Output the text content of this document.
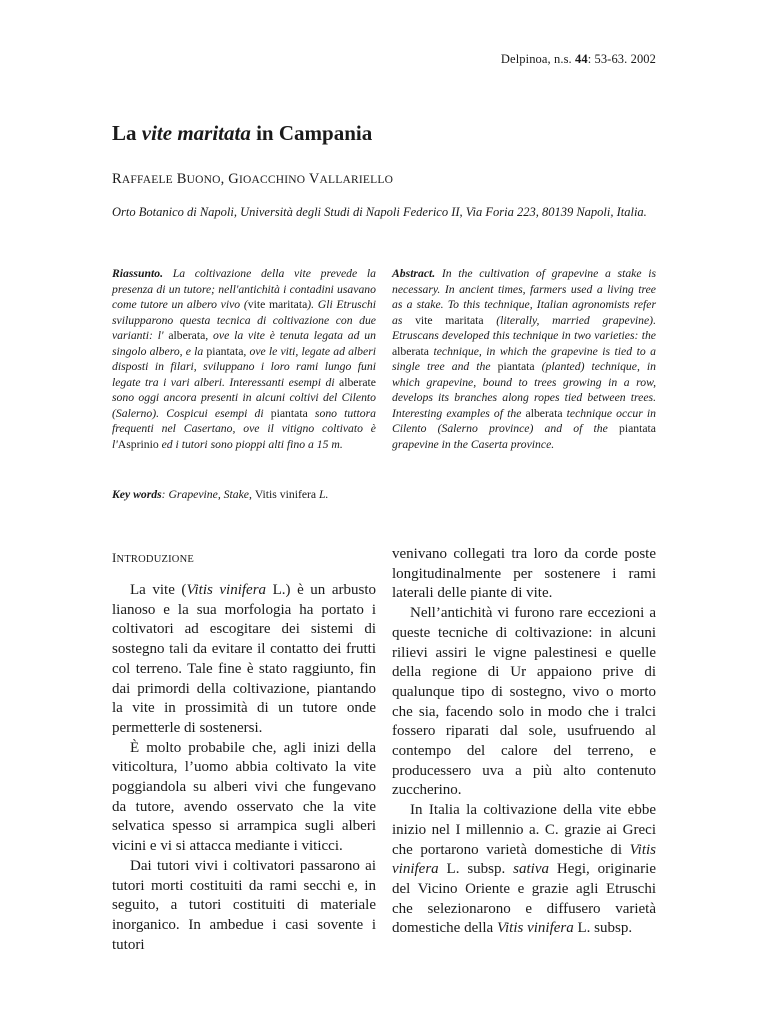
Delpinoa, n.s. 44: 53-63. 2002
La vite maritata in Campania
RAFFAELE BUONO, GIOACCHINO VALLARIELLO
Orto Botanico di Napoli, Università degli Studi di Napoli Federico II, Via Foria 223, 80139 Napoli, Italia.
Riassunto. La coltivazione della vite prevede la presenza di un tutore; nell'antichità i contadini usavano come tutore un albero vivo (vite maritata). Gli Etruschi svilupparono questa tecnica di coltivazione con due varianti: l' alberata, ove la vite è tenuta legata ad un singolo albero, e la piantata, ove le viti, legate ad alberi disposti in filari, sviluppano i loro rami lungo funi legate tra i vari alberi. Interessanti esempi di alberate sono oggi ancora presenti in alcuni coltivi del Cilento (Salerno). Cospicui esempi di piantata sono tuttora frequenti nel Casertano, ove il vitigno coltivato è l'Asprinio ed i tutori sono pioppi alti fino a 15 m.
Abstract. In the cultivation of grapevine a stake is necessary. In ancient times, farmers used a living tree as a stake. To this technique, Italian agronomists refer as vite maritata (literally, married grapevine). Etruscans developed this technique in two varieties: the alberata technique, in which the grapevine is tied to a single tree and the piantata (planted) technique, in which grapevine, bound to trees growing in a row, develops its branches along ropes tied between trees. Interesting examples of the alberata technique occur in Cilento (Salerno province) and of the piantata grapevine in the Caserta province.
Key words: Grapevine, Stake, Vitis vinifera L.
INTRODUZIONE

La vite (Vitis vinifera L.) è un arbusto lianoso e la sua morfologia ha portato i coltivatori ad escogitare dei sistemi di sostegno tali da evitare il contatto dei frutti col terreno. Tale fine è stato raggiunto, fin dai primordi della coltivazione, piantando la vite in prossimità di un tutore onde permetterle di sostenersi.

È molto probabile che, agli inizi della viticoltura, l’uomo abbia coltivato la vite poggiandola su alberi vivi che fungevano da tutore, avendo osservato che la vite selvatica spesso si arrampica sugli alberi vicini e vi si attacca mediante i viticci.

Dai tutori vivi i coltivatori passarono ai tutori morti costituiti da rami secchi e, in seguito, a tutori costituiti di materiale inorganico. In ambedue i casi sovente i tutori

venivano collegati tra loro da corde poste longitudinalmente per sostenere i rami laterali delle piante di vite.

Nell’antichità vi furono rare eccezioni a queste tecniche di coltivazione: in alcuni rilievi assiri le vigne palestinesi e quelle della regione di Ur appaiono prive di qualunque tipo di sostegno, vivo o morto che sia, facendo solo in modo che i tralci fossero riparati dal sole, usufruendo al contempo del calore del terreno, e producessero uva a più alto contenuto zuccherino.

In Italia la coltivazione della vite ebbe inizio nel I millennio a. C. grazie ai Greci che portarono varietà domestiche di Vitis vinifera L. subsp. sativa Hegi, originarie del Vicino Oriente e grazie agli Etruschi che selezionarono e diffusero varietà domestiche della Vitis vinifera L. subsp.
